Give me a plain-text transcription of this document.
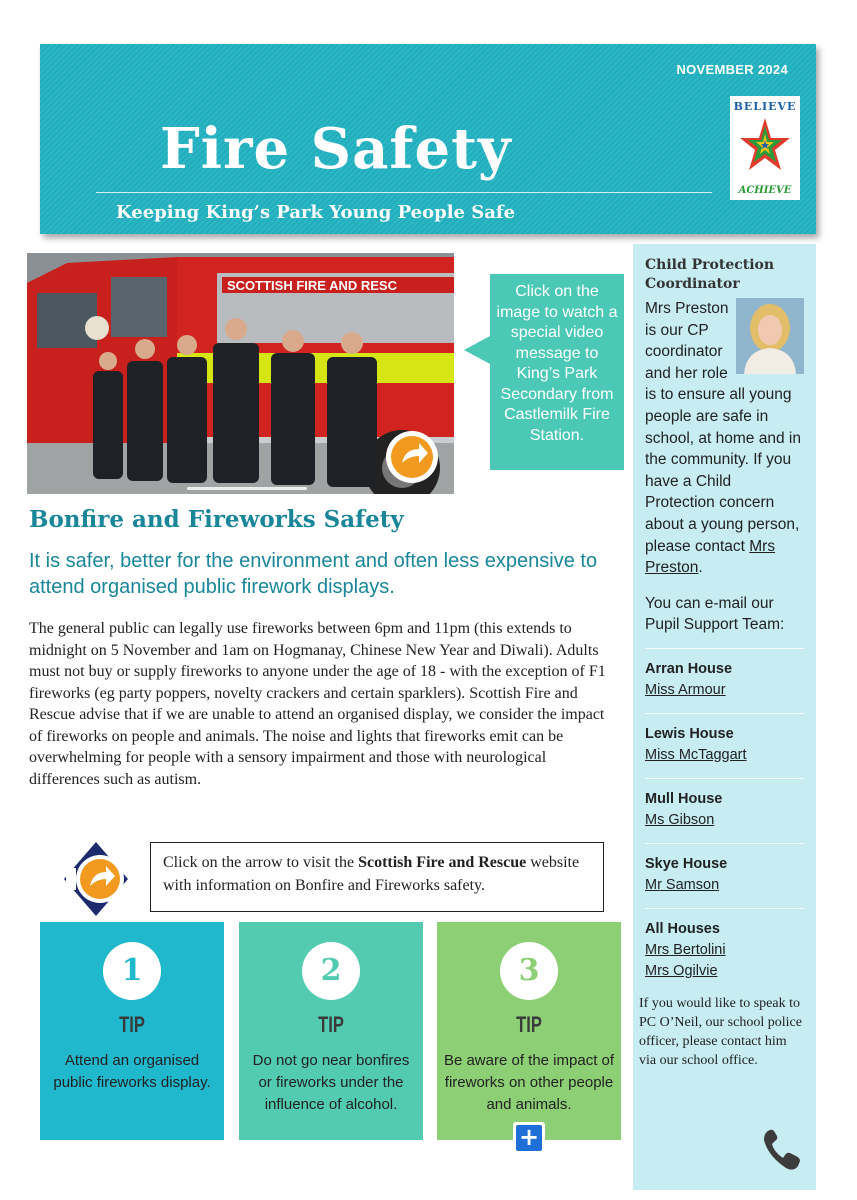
NOVEMBER 2024
Fire Safety
Keeping King’s Park Young People Safe
BELIEVE
ACHIEVE
SCOTTISH FIRE AND RESC	Click on the image to watch a special video message to King’s Park Secondary from Castlemilk Fire Station.
Bonfire and Fireworks Safety
It is safer, better for the environment and often less expensive to attend organised public firework displays.
The general public can legally use fireworks between 6pm and 11pm (this extends to midnight on 5 November and 1am on Hogmanay, Chinese New Year and Diwali). Adults must not buy or supply fireworks to anyone under the age of 18 - with the exception of F1 fireworks (eg party poppers, novelty crackers and certain sparklers). Scottish Fire and Rescue advise that if we are unable to attend an organised display, we consider the impact of fireworks on people and animals. The noise and lights that fireworks emit can be overwhelming for people with a sensory impairment and those with neurological differences such as autism.
Click on the arrow to visit the Scottish Fire and Rescue website with information on Bonfire and Fireworks safety.
1
TIP
Attend an organised public fireworks display.
2
TIP
Do not go near bonfires or fireworks under the influence of alcohol.
3
TIP
Be aware of the impact of fireworks on other people and animals.
+
Child Protection Coordinator
Mrs Preston is our CP coordinator and her role is to ensure all young people are safe in school, at home and in the community. If you have a Child Protection concern about a young person, please contact Mrs Preston.
You can e-mail our Pupil Support Team:
Arran House
Miss Armour
Lewis House
Miss McTaggart
Mull House
Ms Gibson
Skye House
Mr Samson
All Houses
Mrs Bertolini
Mrs Ogilvie
If you would like to speak to PC O’Neil, our school police officer, please contact him via our school office.
